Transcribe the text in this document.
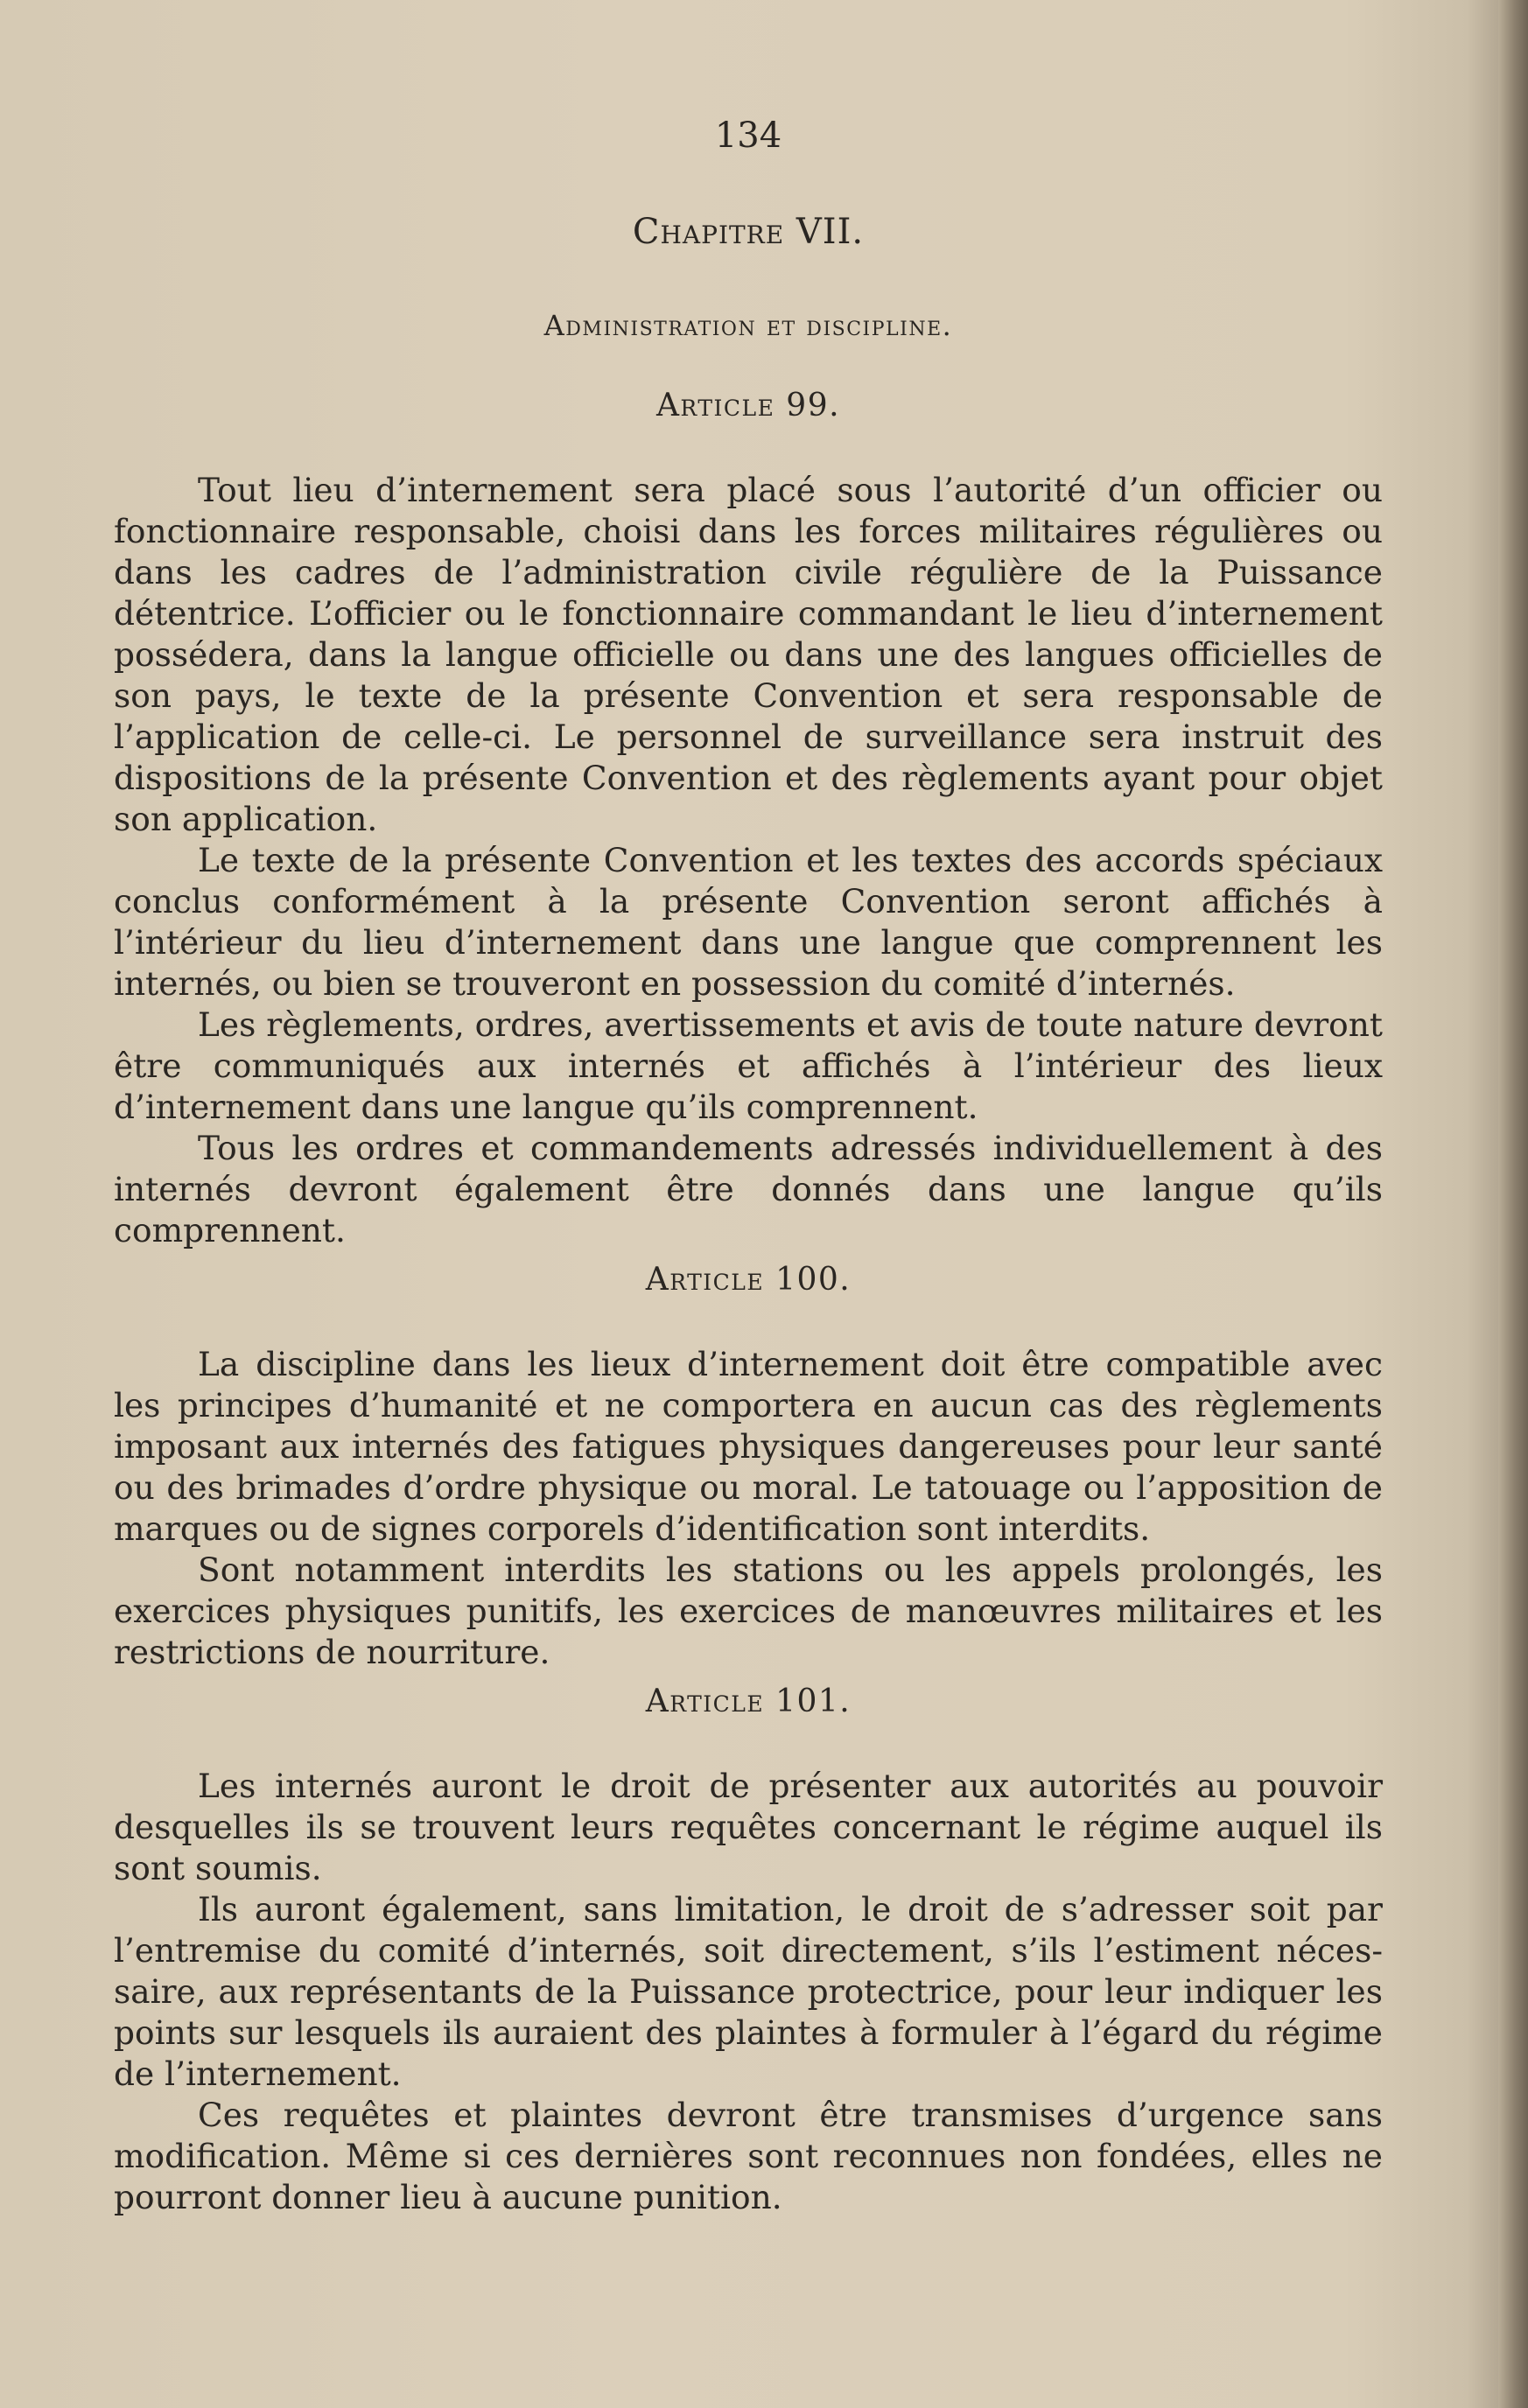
134
Chapitre VII.
Administration et discipline.
Article 99.

Tout lieu d’internement sera placé sous l’autorité d’un officier ou fonctionnaire responsable, choisi dans les forces militaires régulières ou dans les cadres de l’administration civile régulière de la Puissance détentrice. L’officier ou le fonctionnaire commandant le lieu d’internement possédera, dans la langue officielle ou dans une des langues officielles de son pays, le texte de la présente Convention et sera responsable de l’application de celle-ci. Le personnel de surveillance sera instruit des dispositions de la présente Convention et des règlements ayant pour objet son application.

Le texte de la présente Convention et les textes des accords spéciaux conclus conformément à la présente Convention seront affichés à l’intérieur du lieu d’internement dans une langue que comprennent les internés, ou bien se trouveront en possession du comité d’internés.

Les règlements, ordres, avertissements et avis de toute nature devront être communiqués aux internés et affichés à l’intérieur des lieux d’internement dans une langue qu’ils comprennent.

Tous les ordres et commandements adressés individuellement à des internés devront également être donnés dans une langue qu’ils comprennent.

Article 100.

La discipline dans les lieux d’internement doit être compatible avec les principes d’humanité et ne comportera en aucun cas des règlements imposant aux internés des fatigues physiques dangereuses pour leur santé ou des brimades d’ordre physique ou moral. Le tatouage ou l’apposition de marques ou de signes corporels d’identification sont interdits.

Sont notamment interdits les stations ou les appels prolongés, les exercices physiques punitifs, les exercices de manœuvres militaires et les restrictions de nourriture.

Article 101.

Les internés auront le droit de présenter aux autorités au pouvoir desquelles ils se trouvent leurs requêtes concernant le régime auquel ils sont soumis.

Ils auront également, sans limitation, le droit de s’adresser soit par l’entremise du comité d’internés, soit directement, s’ils l’estiment nécessaire, aux représentants de la Puissance protectrice, pour leur indiquer les points sur lesquels ils auraient des plaintes à formuler à l’égard du régime de l’internement.

Ces requêtes et plaintes devront être transmises d’urgence sans modification. Même si ces dernières sont reconnues non fondées, elles ne pourront donner lieu à aucune punition.
